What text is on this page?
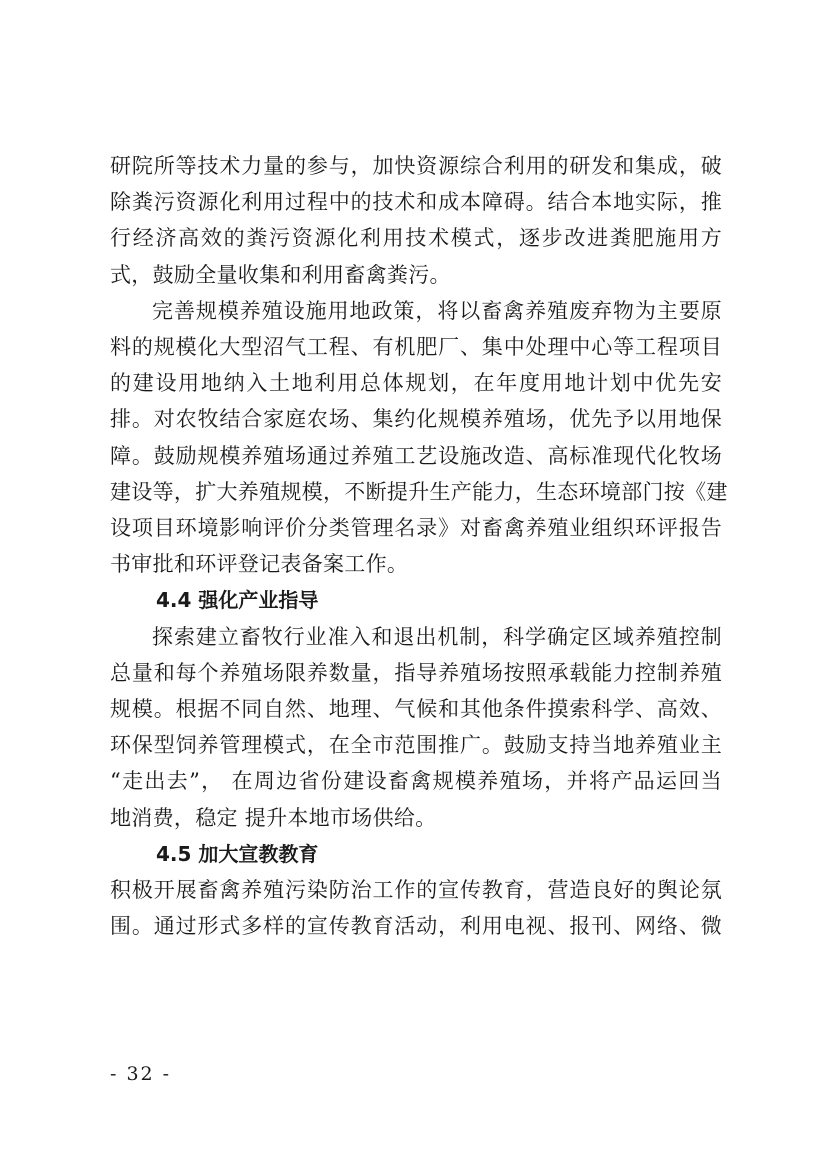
研院所等技术力量的参与，加快资源综合利用的研发和集成，破
除粪污资源化利用过程中的技术和成本障碍。结合本地实际，推
行经济高效的粪污资源化利用技术模式，逐步改进粪肥施用方
式，鼓励全量收集和利用畜禽粪污。

完善规模养殖设施用地政策，将以畜禽养殖废弃物为主要原
料的规模化大型沼气工程、有机肥厂、集中处理中心等工程项目
的建设用地纳入土地利用总体规划，在年度用地计划中优先安
排。对农牧结合家庭农场、集约化规模养殖场，优先予以用地保
障。鼓励规模养殖场通过养殖工艺设施改造、高标准现代化牧场
建设等，扩大养殖规模，不断提升生产能力，生态环境部门按《建
设项目环境影响评价分类管理名录》对畜禽养殖业组织环评报告
书审批和环评登记表备案工作。

4.4 强化产业指导

探索建立畜牧行业准入和退出机制，科学确定区域养殖控制
总量和每个养殖场限养数量，指导养殖场按照承载能力控制养殖
规模。根据不同自然、地理、气候和其他条件摸索科学、高效、
环保型饲养管理模式，在全市范围推广。鼓励支持当地养殖业主
“走出去”， 在周边省份建设畜禽规模养殖场，并将产品运回当
地消费，稳定 提升本地市场供给。

4.5 加大宣教教育

积极开展畜禽养殖污染防治工作的宣传教育，营造良好的舆论氛
围。通过形式多样的宣传教育活动，利用电视、报刊、网络、微

- 32 -
